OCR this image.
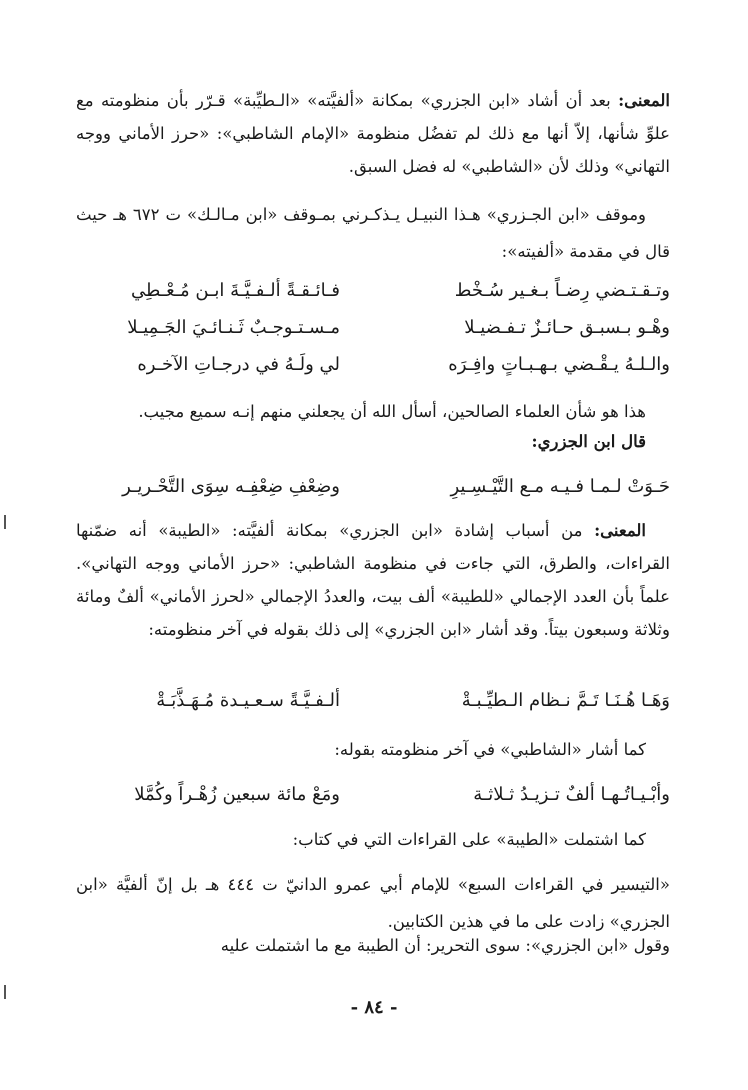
المعنى: بعد أن أشاد «ابن الجزري» بمكانة «ألفيَّته» «الـطيِّبة» قـرّر بأن منظومته مع علوِّ شأنها، إلاّ أنها مع ذلك لم تفضُل منظومة «الإمام الشاطبي»: «حرز الأماني ووجه التهاني» وذلك لأن «الشاطبي» له فضل السبق.

وموقف «ابن الجـزري» هـذا النبيـل يـذكـرني بمـوقف «ابن مـالـك» ت ٦٧٢ هـ حيث قال في مقدمة «ألفيته»:

وتـقـتـضي رِضـاً بـغـير سُـخْط
فـائـقـةً ألـفـيَّـةَ ابـن مُـعْـطِي
وهْـو بـسبـق حـائـزٌ تـفـضيـلا
مـسـتـوجـبٌ ثَـنـائـيَ الجَـمِيـلا
والـلـهُ يـقْـضي بـهـبـاتٍ وافِـرَه
لي ولَـهُ في درجـاتِ الآخـره

هذا هو شأن العلماء الصالحين، أسأل الله أن يجعلني منهم إنـه سميع مجيب.

قال ابن الجزري:

حَـوَتْ لـمـا فـيـه مـع التَّيْـسِـيرِ
وضِعْفِ ضِعْفِـه سِوَى التَّحْـريـر
المعنى: من أسباب إشادة «ابن الجزري» بمكانة ألفيَّته: «الطيبة» أنه ضمّنها القراءات، والطرق، التي جاءت في منظومة الشاطبي: «حرز الأماني ووجه التهاني». علماً بأن العدد الإجمالي «للطيبة» ألف بيت، والعددُ الإجمالي «لحرز الأماني» ألفٌ ومائة وثلاثة وسبعون بيتاً. وقد أشار «ابن الجزري» إلى ذلك بقوله في آخر منظومته:
وَهَـا هُـنَـا تَـمَّ نـظام الـطيِّـبـةْ
ألـفـيَّـةً سـعـيـدة مُـهَـذَّبَـةْ

كما أشار «الشاطبي» في آخر منظومته بقوله:

وأبْـيـاتُـهـا ألفٌ تـزيـدُ ثـلاثـة
ومَعْ مائة سبعين زُهْـراً وكُمَّلا

كما اشتملت «الطيبة» على القراءات التي في كتاب:

«التيسير في القراءات السبع» للإمام أبي عمرو الدانيّ ت ٤٤٤ هـ بل إنّ ألفيَّة «ابن الجزري» زادت على ما في هذين الكتابين.

وقول «ابن الجزري»: سوى التحرير: أن الطيبة مع ما اشتملت عليه

- ٨٤ -
